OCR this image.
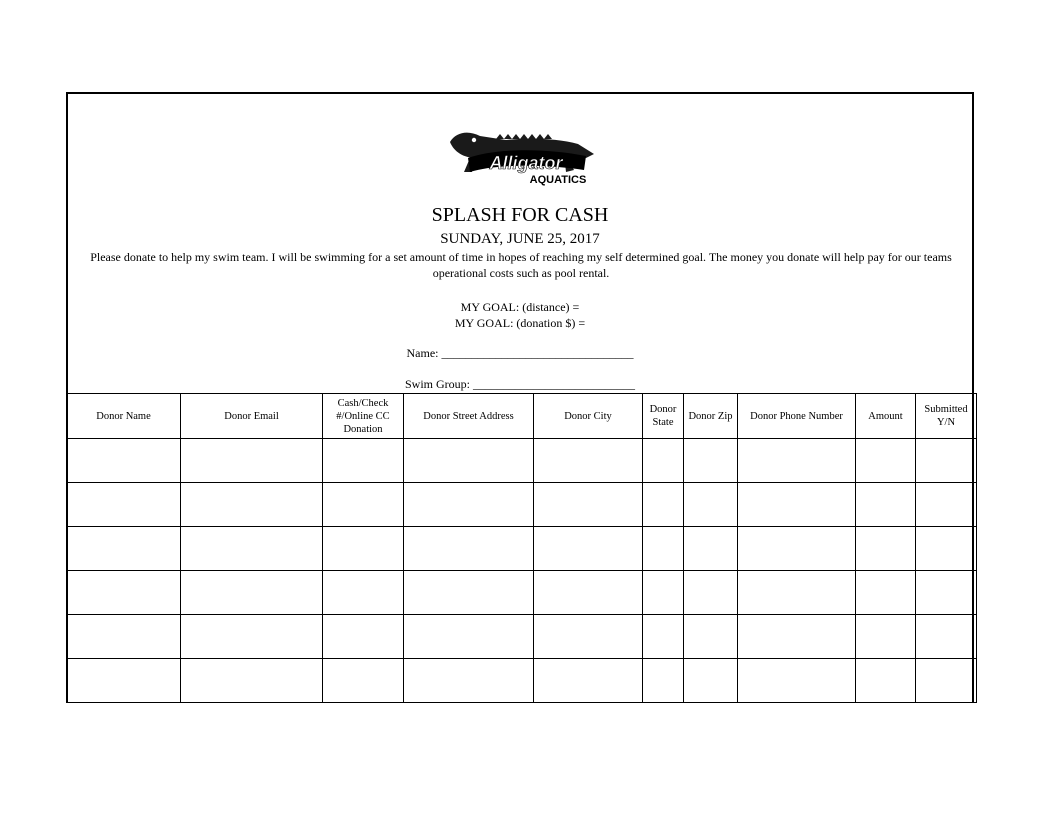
Alligator
AQUATICS
SPLASH FOR CASH
SUNDAY, JUNE 25, 2017
Please donate to help my swim team. I will be swimming for a set amount of time in hopes of reaching my self determined goal. The money you donate will help pay for our teams operational costs such as pool rental.
MY GOAL: (distance) =
MY GOAL: (donation $) =
Name: ________________________________
Swim Group: ___________________________
Donor Name	Donor Email	Cash/Check #/Online CC Donation	Donor Street Address	Donor City	Donor State	Donor Zip	Donor Phone Number	Amount	Submitted Y/N
